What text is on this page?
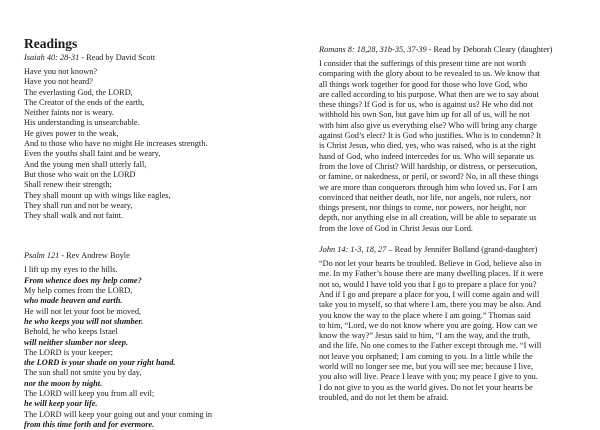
Readings
Isaiah 40: 28-31 - Read by David Scott
Have you not known?
Have you not heard?
The everlasting God, the LORD,
The Creator of the ends of the earth,
Neither faints nor is weary.
His understanding is unsearchable.
He gives power to the weak,
And to those who have no might He increases strength.
Even the youths shall faint and be weary,
And the young men shall utterly fall,
But those who wait on the LORD
Shall renew their strength;
They shall mount up with wings like eagles,
They shall run and not be weary,
They shall walk and not faint.
Psalm 121 - Rev Andrew Boyle
I lift up my eyes to the hills.
From whence does my help come?
My help comes from the LORD,
who made heaven and earth.
He will not let your foot be moved,
he who keeps you will not slumber.
Behold, he who keeps Israel
will neither slumber nor sleep.
The LORD is your keeper;
the LORD is your shade on your right hand.
The sun shall not smite you by day,
nor the moon by night.
The LORD will keep you from all evil;
he will keep your life.
The LORD will keep your going out and your coming in
from this time forth and for evermore.
Romans 8: 18,28, 31b-35, 37-39 - Read by Deborah Cleary (daughter)
I consider that the sufferings of this present time are not worth
comparing with the glory about to be revealed to us. We know that
all things work together for good for those who love God, who
are called according to his purpose. What then are we to say about
these things? If God is for us, who is against us? He who did not
withhold his own Son, but gave him up for all of us, will he not
with him also give us everything else? Who will bring any charge
against God’s elect? It is God who justifies. Who is to condemn? It
is Christ Jesus, who died, yes, who was raised, who is at the right
hand of God, who indeed intercedes for us. Who will separate us
from the love of Christ? Will hardship, or distress, or persecution,
or famine, or nakedness, or peril, or sword? No, in all these things
we are more than conquerors through him who loved us. For I am
convinced that neither death, nor life, nor angels, nor rulers, nor
things present, nor things to come, nor powers, nor height, nor
depth, nor anything else in all creation, will be able to separate us
from the love of God in Christ Jesus our Lord.
John 14: 1-3, 18, 27 – Read by Jennifer Bolland (grand-daughter)
“Do not let your hearts be troubled. Believe in God, believe also in
me. In my Father’s house there are many dwelling places. If it were
not so, would I have told you that I go to prepare a place for you?
And if I go and prepare a place for you, I will come again and will
take you to myself, so that where I am, there you may be also. And
you know the way to the place where I am going.” Thomas said
to him, “Lord, we do not know where you are going. How can we
know the way?” Jesus said to him, “I am the way, and the truth,
and the life. No one comes to the Father except through me. “I will
not leave you orphaned; I am coming to you. In a little while the
world will no longer see me, but you will see me; because I live,
you also will live. Peace I leave with you; my peace I give to you.
I do not give to you as the world gives. Do not let your hearts be
troubled, and do not let them be afraid.
